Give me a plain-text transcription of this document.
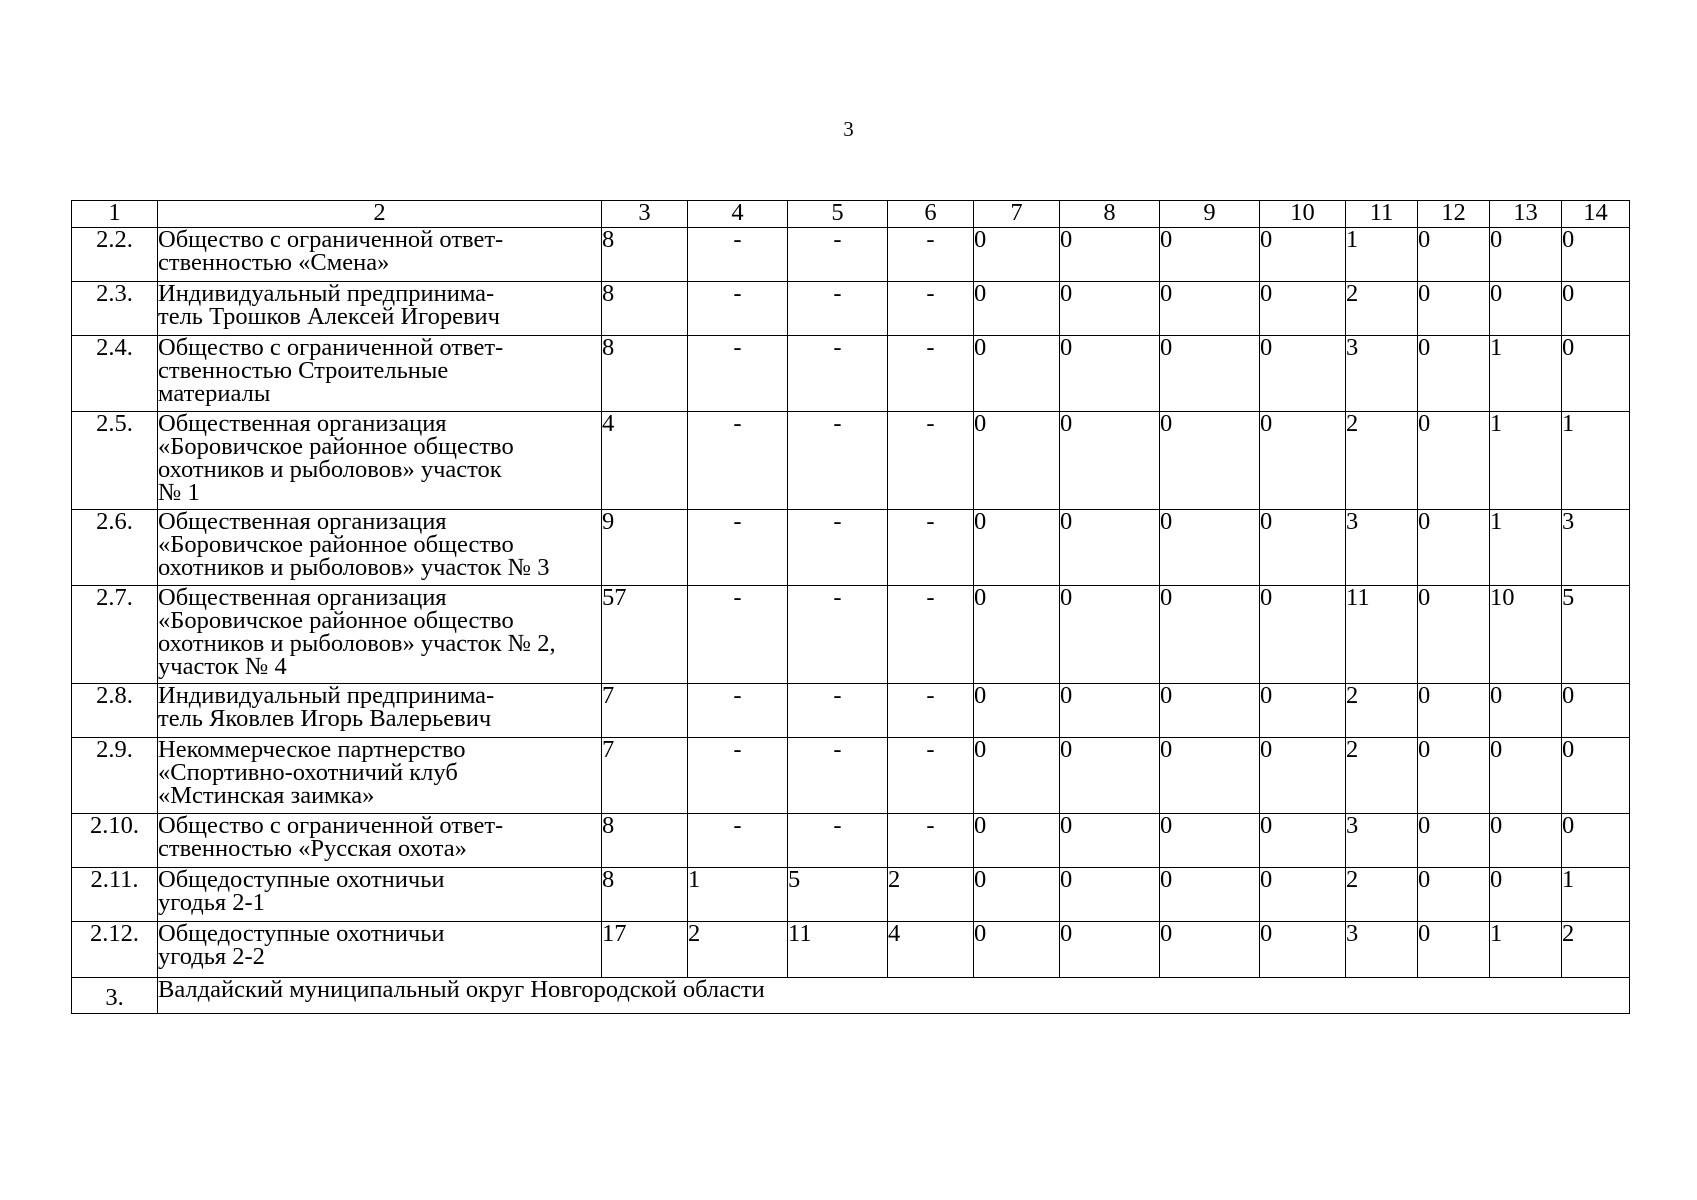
3
1	2	3	4	5	6	7	8	9	10	11	12	13	14
2.2.	Общество с ограниченной ответ-
ственностью «Смена»	8	-	-	-	0	0	0	0	1	0	0	0
2.3.	Индивидуальный предпринима-
тель Трошков Алексей Игоревич	8	-	-	-	0	0	0	0	2	0	0	0
2.4.	Общество с ограниченной ответ-
ственностью Строительные
материалы	8	-	-	-	0	0	0	0	3	0	1	0
2.5.	Общественная организация
«Боровичское районное общество
охотников и рыболовов» участок
№ 1	4	-	-	-	0	0	0	0	2	0	1	1
2.6.	Общественная организация
«Боровичское районное общество
охотников и рыболовов» участок № 3	9	-	-	-	0	0	0	0	3	0	1	3
2.7.	Общественная организация
«Боровичское районное общество
охотников и рыболовов» участок № 2,
участок № 4	57	-	-	-	0	0	0	0	11	0	10	5
2.8.	Индивидуальный предпринима-
тель Яковлев Игорь Валерьевич	7	-	-	-	0	0	0	0	2	0	0	0
2.9.	Некоммерческое партнерство
«Спортивно-охотничий клуб
«Мстинская заимка»	7	-	-	-	0	0	0	0	2	0	0	0
2.10.	Общество с ограниченной ответ-
ственностью «Русская охота»	8	-	-	-	0	0	0	0	3	0	0	0
2.11.	Общедоступные охотничьи
угодья 2-1	8	1	5	2	0	0	0	0	2	0	0	1
2.12.	Общедоступные охотничьи
угодья 2-2	17	2	11	4	0	0	0	0	3	0	1	2
3.	Валдайский муниципальный округ Новгородской области												
